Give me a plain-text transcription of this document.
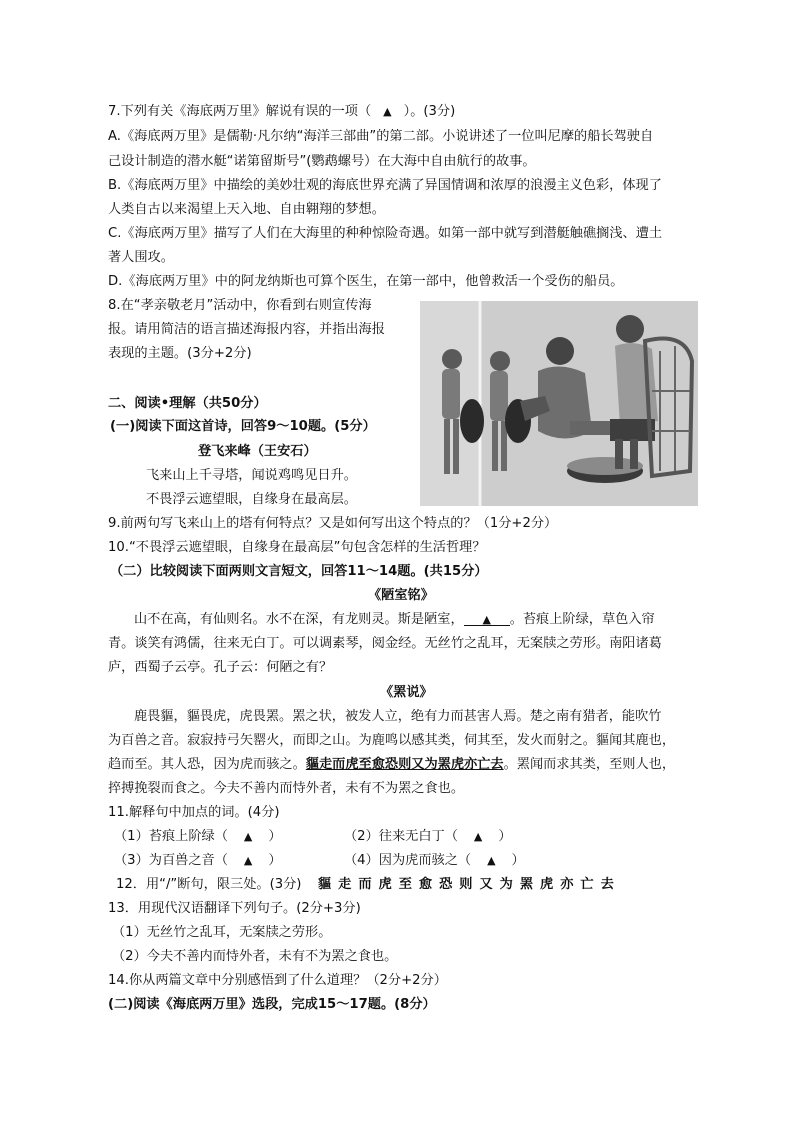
7.下列有关《海底两万里》解说有误的一项（ ▲ ）。(3分)
A.《海底两万里》是儒勒·凡尔纳“海洋三部曲”的第二部。小说讲述了一位叫尼摩的船长驾驶自
己设计制造的潜水艇“诺第留斯号”(鹦鹉螺号）在大海中自由航行的故事。
B.《海底两万里》中描绘的美妙壮观的海底世界充满了异国情调和浓厚的浪漫主义色彩，体现了
人类自古以来渴望上天入地、自由翱翔的梦想。
C.《海底两万里》描写了人们在大海里的种种惊险奇遇。如第一部中就写到潜艇触礁搁浅、遭土
著人围攻。
D.《海底两万里》中的阿龙纳斯也可算个医生，在第一部中，他曾救活一个受伤的船员。
8.在“孝亲敬老月”活动中，你看到右则宣传海
报。请用简洁的语言描述海报内容，并指出海报
表现的主题。(3分+2分)
二、阅读•理解（共50分）
(一)阅读下面这首诗，回答9～10题。(5分）
登飞来峰（王安石）
飞来山上千寻塔，闻说鸡鸣见日升。
不畏浮云遮望眼，自缘身在最高层。
9.前两句写飞来山上的塔有何特点？又是如何写出这个特点的？（1分+2分）
10.“不畏浮云遮望眼，自缘身在最高层”句包含怎样的生活哲理？
（二）比较阅读下面两则文言短文，回答11～14题。(共15分）
《陋室铭》
山不在高，有仙则名。水不在深，有龙则灵。斯是陋室， ▲ 。苔痕上阶绿，草色入帘
青。谈笑有鸿儒，往来无白丁。可以调素琴，阅金经。无丝竹之乱耳，无案牍之劳形。南阳诸葛
庐，西蜀子云亭。孔子云：何陋之有？
《罴说》
鹿畏貙，貙畏虎，虎畏罴。罴之状，被发人立，绝有力而甚害人焉。楚之南有猎者，能吹竹
为百兽之音。寂寂持弓矢罂火，而即之山。为鹿鸣以感其类，伺其至，发火而射之。貙闻其鹿也，
趋而至。其人恐，因为虎而骇之。貙走而虎至愈恐则又为罴虎亦亡去。罴闻而求其类，至则人也，
捽搏挽裂而食之。今夫不善内而恃外者，未有不为罴之食也。
11.解释句中加点的词。(4分)
（1）苔痕上阶绿（ ▲ ）	（2）往来无白丁（ ▲ ）
（3）为百兽之音（ ▲ ）	（4）因为虎而骇之（ ▲ ）
12．用“/”断句，限三处。(3分) 貙走而虎至愈恐则又为罴虎亦亡去
13．用现代汉语翻译下列句子。(2分+3分)
（1）无丝竹之乱耳，无案牍之劳形。
（2）今夫不善内而恃外者，未有不为罴之食也。
14.你从两篇文章中分别感悟到了什么道理？（2分+2分）
(二)阅读《海底两万里》选段，完成15～17题。(8分）
